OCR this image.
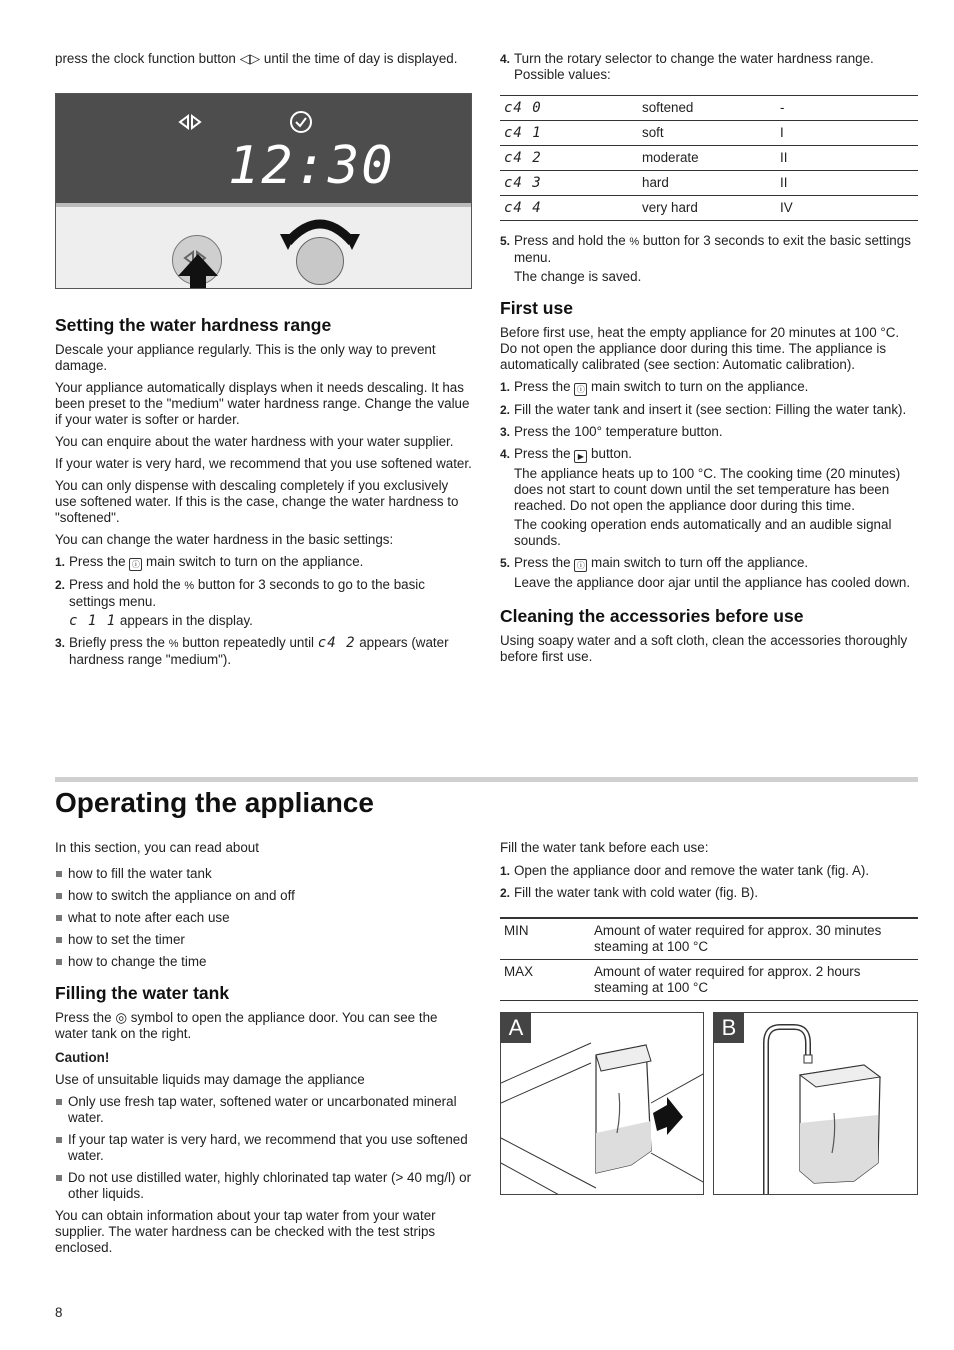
press the clock function button ◁▷ until the time of day is displayed.

12:30
Setting the water hardness range

Descale your appliance regularly. This is the only way to prevent damage.

Your appliance automatically displays when it needs descaling. It has been preset to the "medium" water hardness range. Change the value if your water is softer or harder.

You can enquire about the water hardness with your water supplier.

If your water is very hard, we recommend that you use softened water.

You can only dispense with descaling completely if you exclusively use softened water. If this is the case, change the water hardness to "softened".

You can change the water hardness in the basic settings:

1. Press the ⓘ main switch to turn on the appliance.
2. Press and hold the % button for 3 seconds to go to the basic settings menu.
c 1 1 appears in the display.
3. Briefly press the % button repeatedly until c4 2 appears (water hardness range "medium").
4. Turn the rotary selector to change the water hardness range. Possible values:
c4 0	softened	-
c4 1	soft	I
c4 2	moderate	II
c4 3	hard	II
c4 4	very hard	IV
5. Press and hold the % button for 3 seconds to exit the basic settings menu.
The change is saved.
First use

Before first use, heat the empty appliance for 20 minutes at 100 °C. Do not open the appliance door during this time. The appliance is automatically calibrated (see section: Automatic calibration).

1. Press the ⓘ main switch to turn on the appliance.
2. Fill the water tank and insert it (see section: Filling the water tank).
3. Press the 100° temperature button.
4. Press the ▶ button.
The appliance heats up to 100 °C. The cooking time (20 minutes) does not start to count down until the set temperature has been reached. Do not open the appliance door during this time.
The cooking operation ends automatically and an audible signal sounds.
5. Press the ⓘ main switch to turn off the appliance.
Leave the appliance door ajar until the appliance has cooled down.
Cleaning the accessories before use

Using soapy water and a soft cloth, clean the accessories thoroughly before first use.

Operating the appliance

In this section, you can read about

how to fill the water tank
how to switch the appliance on and off
what to note after each use
how to set the timer
how to change the time
Filling the water tank

Press the ◎ symbol to open the appliance door. You can see the water tank on the right.

Caution!

Use of unsuitable liquids may damage the appliance

Only use fresh tap water, softened water or uncarbonated mineral water.
If your tap water is very hard, we recommend that you use softened water.
Do not use distilled water, highly chlorinated tap water (> 40 mg/l) or other liquids.

You can obtain information about your tap water from your water supplier. The water hardness can be checked with the test strips enclosed.

Fill the water tank before each use:

1. Open the appliance door and remove the water tank (fig. A).
2. Fill the water tank with cold water (fig. B).
MIN	Amount of water required for approx. 30 minutes steaming at 100 °C
MAX	Amount of water required for approx. 2 hours steaming at 100 °C
A	B
8
